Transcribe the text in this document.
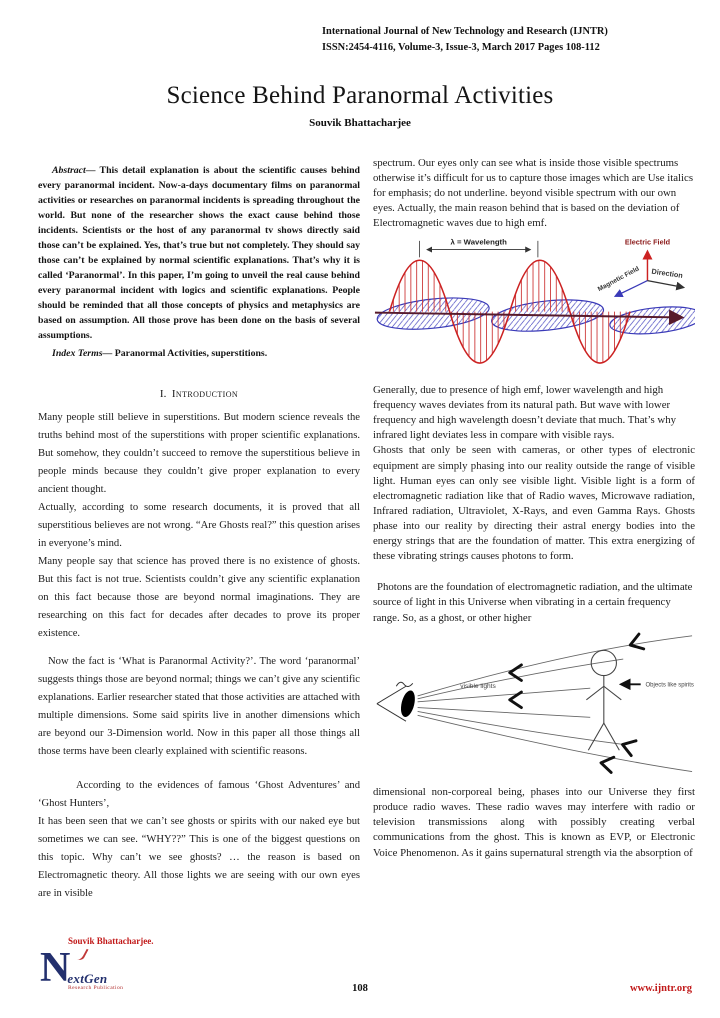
International Journal of New Technology and Research (IJNTR)
ISSN:2454-4116, Volume-3, Issue-3, March 2017 Pages 108-112
Science Behind Paranormal Activities
Souvik Bhattacharjee

Abstract— This detail explanation is about the scientific causes behind every paranormal incident. Now-a-days documentary films on paranormal activities or researches on paranormal incidents is spreading throughout the world. But none of the researcher shows the exact cause behind those incidents. Scientists or the host of any paranormal tv shows directly said those can’t be explained. Yes, that’s true but not completely. They should say those can’t be explained by normal scientific explanations. That’s why it is called ‘Paranormal’. In this paper, I’m going to unveil the real cause behind every paranormal incident with logics and scientific explanations. People should be reminded that all those concepts of physics and metaphysics are based on assumption. All those prove has been done on the basis of several assumptions.

Index Terms— Paranormal Activities, superstitions.

I. Introduction

Many people still believe in superstitions. But modern science reveals the truths behind most of the superstitions with proper scientific explanations. But somehow, they couldn’t succeed to remove the superstitious believe in people minds because they couldn’t give proper explanation to every ancient thought.

Actually, according to some research documents, it is proved that all superstitious believes are not wrong. “Are Ghosts real?” this question arises in everyone’s mind.

Many people say that science has proved there is no existence of ghosts. But this fact is not true. Scientists couldn’t give any scientific explanation on this fact because those are beyond normal imaginations. They are researching on this fact for decades after decades to prove its proper existence.

Now the fact is ‘What is Paranormal Activity?’. The word ‘paranormal’ suggests things those are beyond normal; things we can’t give any scientific explanations. Earlier researcher stated that those activities are attached with multiple dimensions. Some said spirits live in another dimensions which are beyond our 3-Dimension world. Now in this paper all those things all those terms have been clearly explained with scientific reasons.

According to the evidences of famous ‘Ghost Adventures’ and ‘Ghost Hunters’,

It has been seen that we can’t see ghosts or spirits with our naked eye but sometimes we can see. “WHY??” This is one of the biggest questions on this topic. Why can’t we see ghosts? … the reason is based on Electromagnetic theory. All those lights we are seeing with our own eyes are in visible

spectrum. Our eyes only can see what is inside those visible spectrums otherwise it’s difficult for us to capture those images which are Use italics for emphasis; do not underline. beyond visible spectrum with our own eyes. Actually, the main reason behind that is based on the deviation of Electromagnetic waves due to high emf.

λ = Wavelength	Electric Field
Magnetic Field Direction

Generally, due to presence of high emf, lower wavelength and high frequency waves deviates from its natural path. But wave with lower frequency and high wavelength doesn’t deviate that much. That’s why infrared light deviates less in compare with visible rays.

Ghosts that only be seen with cameras, or other types of electronic equipment are simply phasing into our reality outside the range of visible light. Human eyes can only see visible light. Visible light is a form of electromagnetic radiation like that of Radio waves, Microwave radiation, Infrared radiation, Ultraviolet, X-Rays, and even Gamma Rays. Ghosts phase into our reality by directing their astral energy bodies into the energy strings that are the foundation of matter. This extra energizing of these vibrating strings causes photons to form.

Photons are the foundation of electromagnetic radiation, and the ultimate source of light in this Universe when vibrating in a certain frequency range. So, as a ghost, or other higher

visible lights	Objects like spirits

dimensional non-corporeal being, phases into our Universe they first produce radio waves. These radio waves may interfere with radio or television transmissions along with possibly creating verbal communications from the ghost. This is known as EVP, or Electronic Voice Phenomenon. As it gains supernatural strength via the absorption of

Souvik Bhattacharjee.
N
extGen
Research Publication	108	www.ijntr.org
